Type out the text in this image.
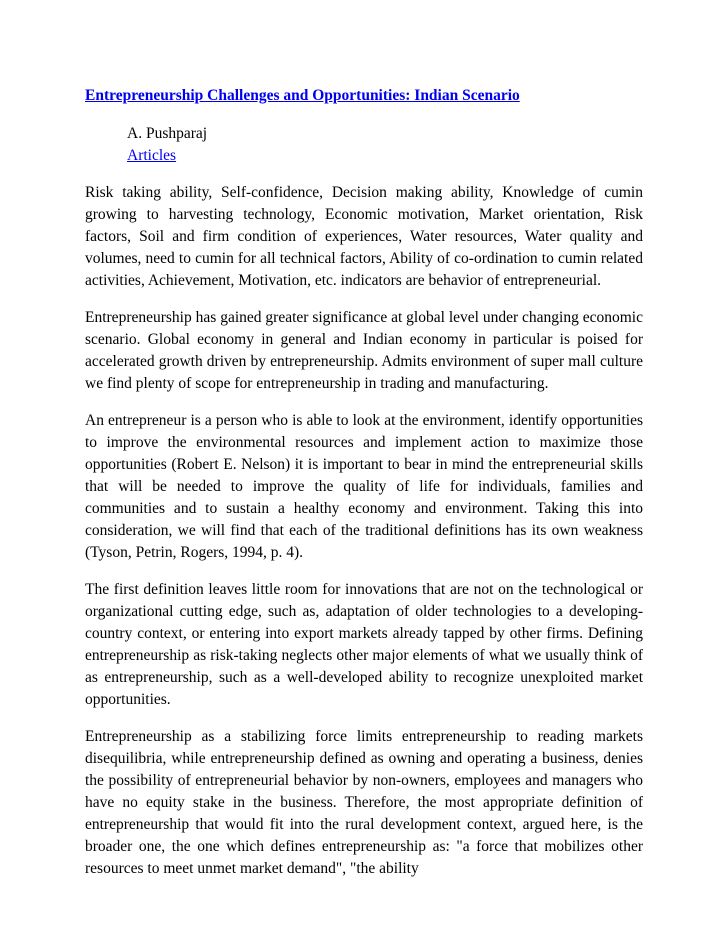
Entrepreneurship Challenges and Opportunities: Indian Scenario
A. Pushparaj
Articles

Risk taking ability, Self-confidence, Decision making ability, Knowledge of cumin growing to harvesting technology, Economic motivation, Market orientation, Risk factors, Soil and firm condition of experiences, Water resources, Water quality and volumes, need to cumin for all technical factors, Ability of co-ordination to cumin related activities, Achievement, Motivation, etc. indicators are behavior of entrepreneurial.

Entrepreneurship has gained greater significance at global level under changing economic scenario. Global economy in general and Indian economy in particular is poised for accelerated growth driven by entrepreneurship. Admits environment of super mall culture we find plenty of scope for entrepreneurship in trading and manufacturing.

An entrepreneur is a person who is able to look at the environment, identify opportunities to improve the environmental resources and implement action to maximize those opportunities (Robert E. Nelson) it is important to bear in mind the entrepreneurial skills that will be needed to improve the quality of life for individuals, families and communities and to sustain a healthy economy and environment. Taking this into consideration, we will find that each of the traditional definitions has its own weakness (Tyson, Petrin, Rogers, 1994, p. 4).

The first definition leaves little room for innovations that are not on the technological or organizational cutting edge, such as, adaptation of older technologies to a developing-country context, or entering into export markets already tapped by other firms. Defining entrepreneurship as risk-taking neglects other major elements of what we usually think of as entrepreneurship, such as a well-developed ability to recognize unexploited market opportunities.

Entrepreneurship as a stabilizing force limits entrepreneurship to reading markets disequilibria, while entrepreneurship defined as owning and operating a business, denies the possibility of entrepreneurial behavior by non-owners, employees and managers who have no equity stake in the business. Therefore, the most appropriate definition of entrepreneurship that would fit into the rural development context, argued here, is the broader one, the one which defines entrepreneurship as: "a force that mobilizes other resources to meet unmet market demand", "the ability
